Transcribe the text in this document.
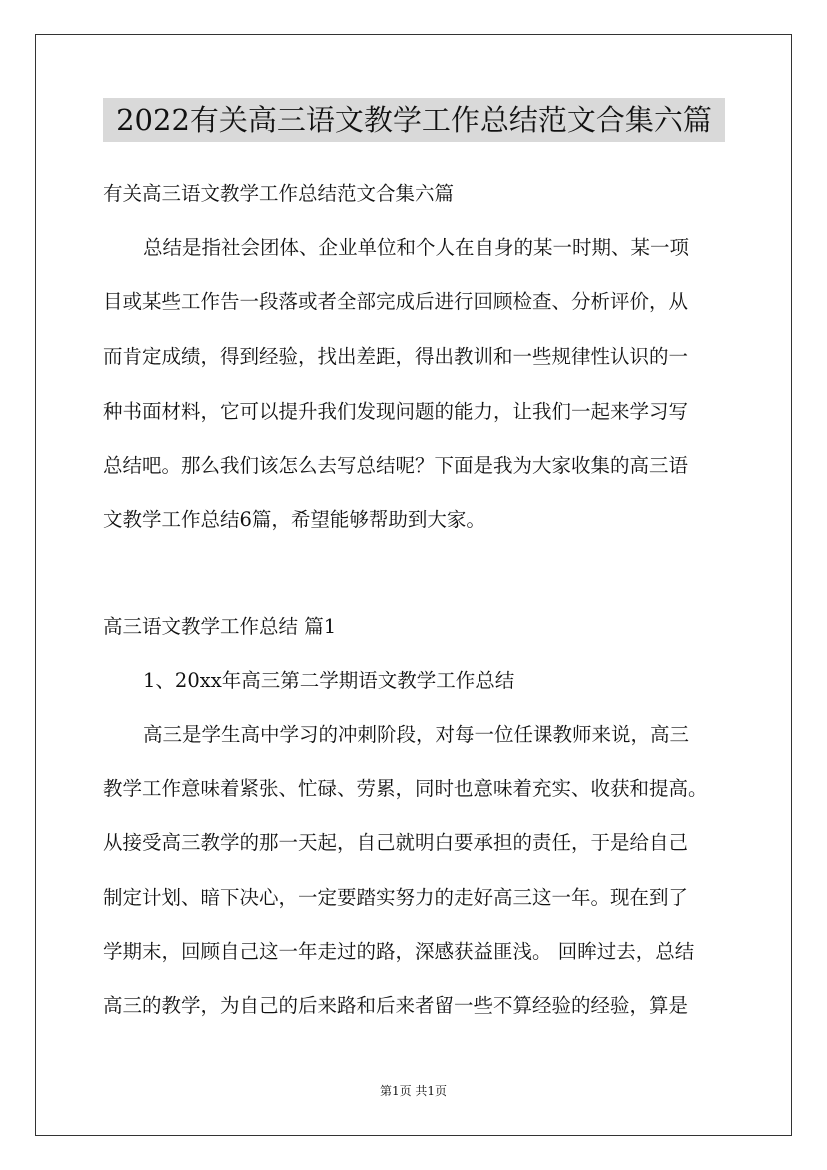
2022有关高三语文教学工作总结范文合集六篇
有关高三语文教学工作总结范文合集六篇
总结是指社会团体、企业单位和个人在自身的某一时期、某一项
目或某些工作告一段落或者全部完成后进行回顾检查、分析评价，从
而肯定成绩，得到经验，找出差距，得出教训和一些规律性认识的一
种书面材料，它可以提升我们发现问题的能力，让我们一起来学习写
总结吧。那么我们该怎么去写总结呢？下面是我为大家收集的高三语
文教学工作总结6篇，希望能够帮助到大家。
高三语文教学工作总结 篇1
1、20xx年高三第二学期语文教学工作总结
高三是学生高中学习的冲刺阶段，对每一位任课教师来说，高三
教学工作意味着紧张、忙碌、劳累，同时也意味着充实、收获和提高。
从接受高三教学的那一天起，自己就明白要承担的责任，于是给自己
制定计划、暗下决心，一定要踏实努力的走好高三这一年。现在到了
学期末，回顾自己这一年走过的路，深感获益匪浅。 回眸过去，总结
高三的教学，为自己的后来路和后来者留一些不算经验的经验，算是
第1页 共1页
